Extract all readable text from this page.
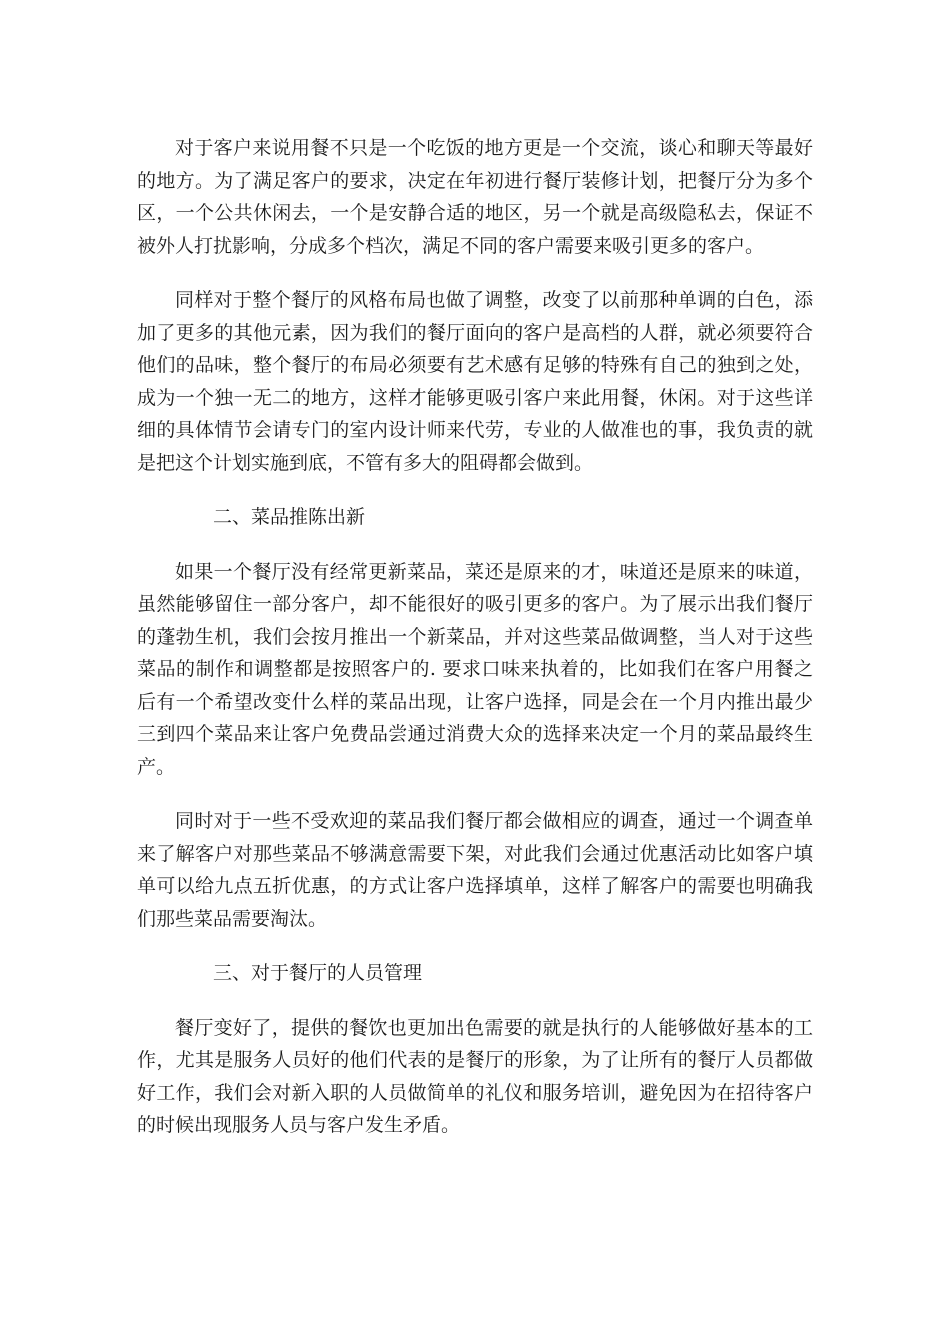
对于客户来说用餐不只是一个吃饭的地方更是一个交流，谈心和聊天等最好的地方。为了满足客户的要求，决定在年初进行餐厅装修计划，把餐厅分为多个区，一个公共休闲去，一个是安静合适的地区，另一个就是高级隐私去，保证不被外人打扰影响，分成多个档次，满足不同的客户需要来吸引更多的客户。

同样对于整个餐厅的风格布局也做了调整，改变了以前那种单调的白色，添加了更多的其他元素，因为我们的餐厅面向的客户是高档的人群，就必须要符合他们的品味，整个餐厅的布局必须要有艺术感有足够的特殊有自己的独到之处，成为一个独一无二的地方，这样才能够更吸引客户来此用餐，休闲。对于这些详细的具体情节会请专门的室内设计师来代劳，专业的人做准也的事，我负责的就是把这个计划实施到底，不管有多大的阻碍都会做到。

二、菜品推陈出新

如果一个餐厅没有经常更新菜品，菜还是原来的才，味道还是原来的味道，虽然能够留住一部分客户，却不能很好的吸引更多的客户。为了展示出我们餐厅的蓬勃生机，我们会按月推出一个新菜品，并对这些菜品做调整，当人对于这些菜品的制作和调整都是按照客户的. 要求口味来执着的，比如我们在客户用餐之后有一个希望改变什么样的菜品出现，让客户选择，同是会在一个月内推出最少三到四个菜品来让客户免费品尝通过消费大众的选择来决定一个月的菜品最终生产。

同时对于一些不受欢迎的菜品我们餐厅都会做相应的调查，通过一个调查单来了解客户对那些菜品不够满意需要下架，对此我们会通过优惠活动比如客户填单可以给九点五折优惠，的方式让客户选择填单，这样了解客户的需要也明确我们那些菜品需要淘汰。

三、对于餐厅的人员管理

餐厅变好了，提供的餐饮也更加出色需要的就是执行的人能够做好基本的工作，尤其是服务人员好的他们代表的是餐厅的形象，为了让所有的餐厅人员都做好工作，我们会对新入职的人员做简单的礼仪和服务培训，避免因为在招待客户的时候出现服务人员与客户发生矛盾。
